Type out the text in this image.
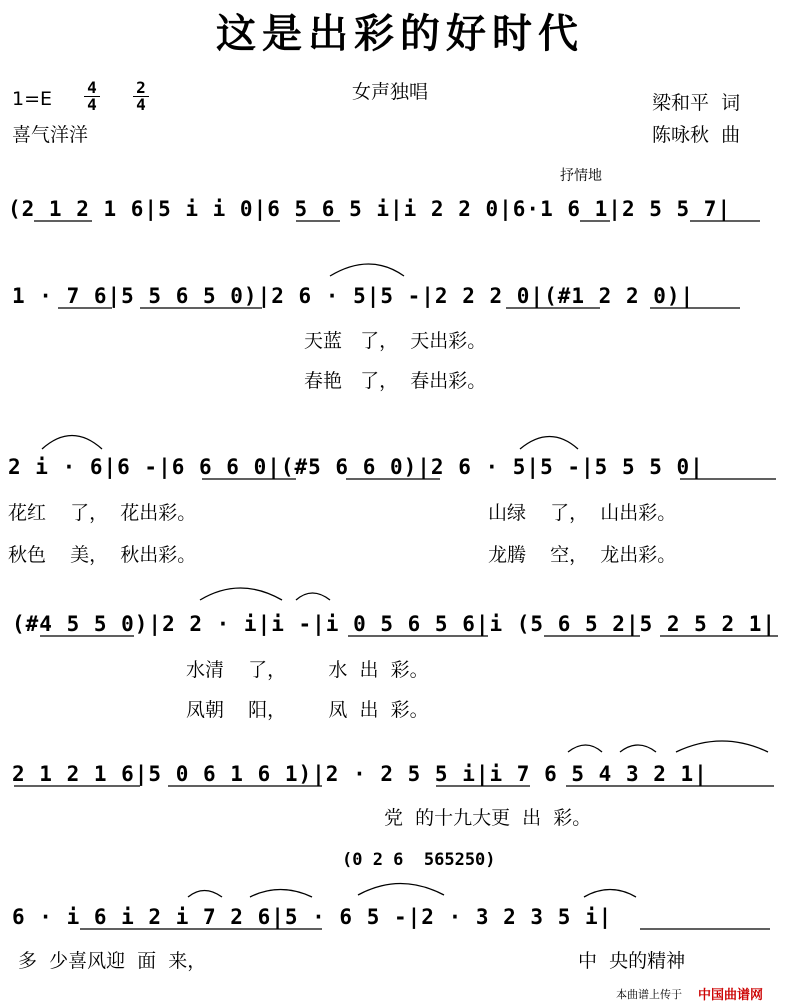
这是出彩的好时代
1=E
4
4
2
4
喜气洋洋
女声独唱	梁和平  词
陈咏秋  曲
抒情地
(2 1 2 1 6|5 i i 0|6 5 6 5 i|i 2 2 0|6·1 6 1|2 5 5 7|
1 · 7 6|5 5 6 5 0)|2 6 · 5|5 -|2 2 2 0|(#1 2 2 0)|
天蓝   了，  天出彩。
春艳   了，  春出彩。
2 i · 6|6 -|6 6 6 0|(#5 6 6 0)|2 6 · 5|5 -|5 5 5 0|
花红    了，  花出彩。
秋色    美，  秋出彩。
山绿    了，  山出彩。
龙腾    空，  龙出彩。
(#4 5 5 0)|2 2 · i|i -|i 0 5 6 5 6|i (5 6 5 2|5 2 5 2 1|
水清    了，       水  出  彩。
凤朝    阳，       凤  出  彩。
2 1 2 1 6|5 0 6 1 6 1)|2 · 2 5 5 i|i 7 6 5 4 3 2 1|
党  的十九大更  出  彩。
(0 2 6  565250)
6 · i 6 i 2 i 7 2 6|5 · 6 5 -|2 · 3 2 3 5 i|
多  少喜风迎  面  来，	中  央的精神
本曲谱上传于 中国曲谱网
